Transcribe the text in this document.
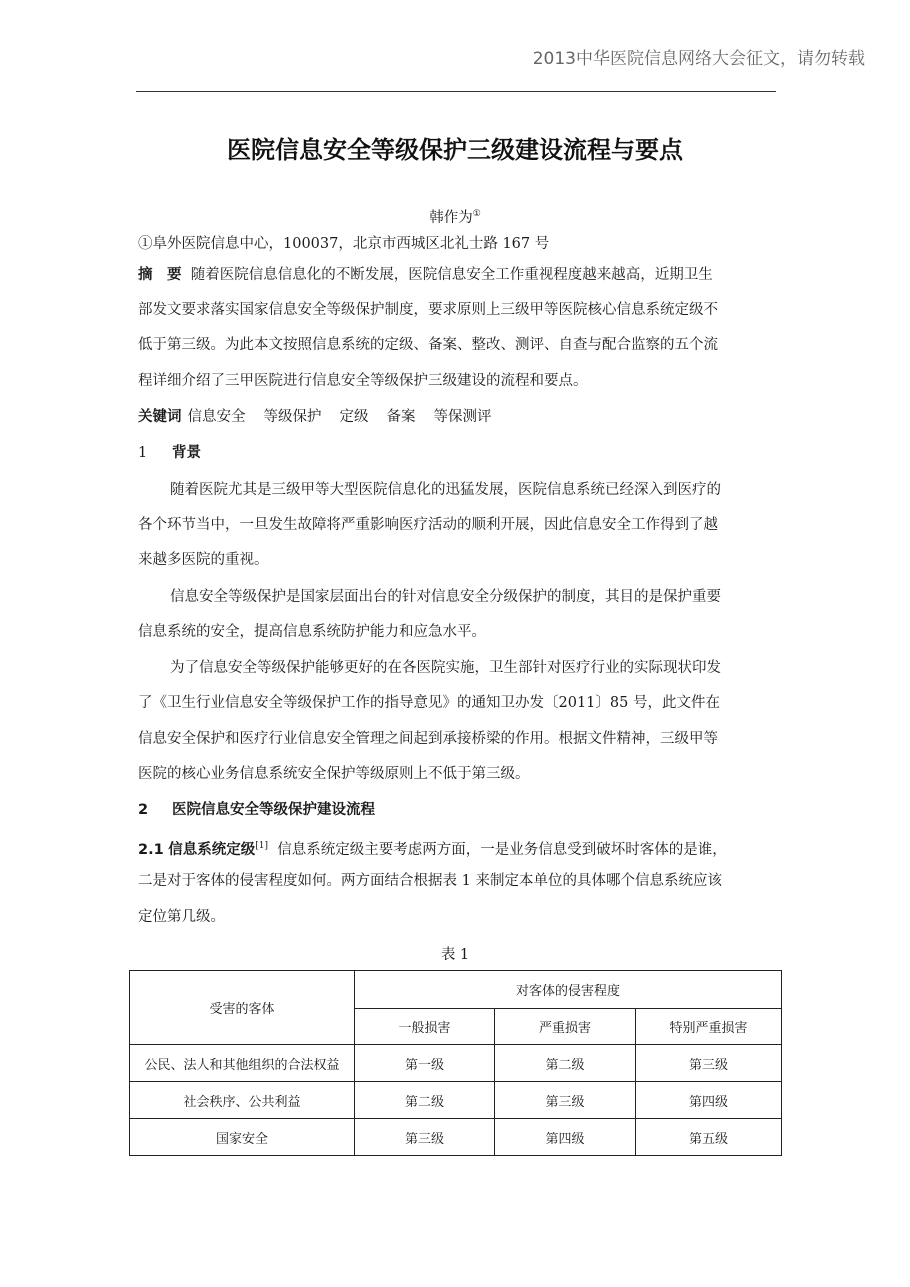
2013中华医院信息网络大会征文，请勿转载
医院信息安全等级保护三级建设流程与要点
韩作为①
①阜外医院信息中心，100037，北京市西城区北礼士路 167 号
摘　要 随着医院信息信息化的不断发展，医院信息安全工作重视程度越来越高，近期卫生
部发文要求落实国家信息安全等级保护制度，要求原则上三级甲等医院核心信息系统定级不
低于第三级。为此本文按照信息系统的定级、备案、整改、测评、自查与配合监察的五个流
程详细介绍了三甲医院进行信息安全等级保护三级建设的流程和要点。
关键词 信息安全 等级保护 定级 备案 等保测评
1 背景
随着医院尤其是三级甲等大型医院信息化的迅猛发展，医院信息系统已经深入到医疗的
各个环节当中，一旦发生故障将严重影响医疗活动的顺利开展，因此信息安全工作得到了越
来越多医院的重视。
信息安全等级保护是国家层面出台的针对信息安全分级保护的制度，其目的是保护重要
信息系统的安全，提高信息系统防护能力和应急水平。
为了信息安全等级保护能够更好的在各医院实施，卫生部针对医疗行业的实际现状印发
了《卫生行业信息安全等级保护工作的指导意见》的通知卫办发〔2011〕85 号，此文件在
信息安全保护和医疗行业信息安全管理之间起到承接桥梁的作用。根据文件精神，三级甲等
医院的核心业务信息系统安全保护等级原则上不低于第三级。
2 医院信息安全等级保护建设流程
2.1 信息系统定级[1] 信息系统定级主要考虑两方面，一是业务信息受到破坏时客体的是谁，
二是对于客体的侵害程度如何。两方面结合根据表 1 来制定本单位的具体哪个信息系统应该
定位第几级。
表 1
受害的客体	对客体的侵害程度		
	一般损害	严重损害	特别严重损害
公民、法人和其他组织的合法权益	第一级	第二级	第三级
社会秩序、公共利益	第二级	第三级	第四级
国家安全	第三级	第四级	第五级
